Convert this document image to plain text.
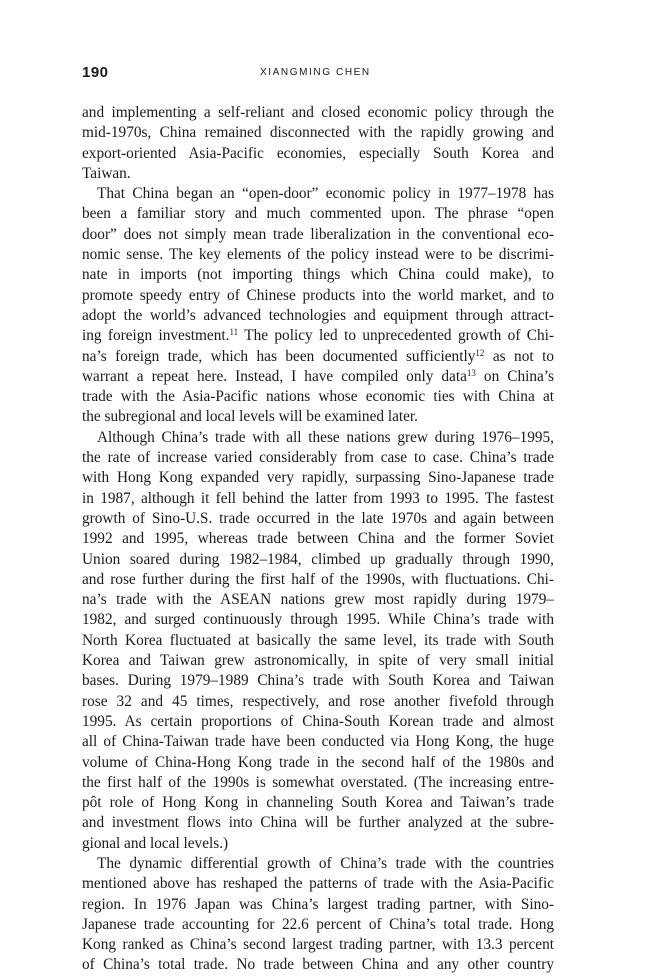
190	XIANGMING CHEN
and implementing a self-reliant and closed economic policy through the
mid-1970s, China remained disconnected with the rapidly growing and
export-oriented Asia-Pacific economies, especially South Korea and
Taiwan.
That China began an “open-door” economic policy in 1977–1978 has
been a familiar story and much commented upon. The phrase “open
door” does not simply mean trade liberalization in the conventional eco-
nomic sense. The key elements of the policy instead were to be discrimi-
nate in imports (not importing things which China could make), to
promote speedy entry of Chinese products into the world market, and to
adopt the world’s advanced technologies and equipment through attract-
ing foreign investment.$^{11}$ The policy led to unprecedented growth of Chi-
na’s foreign trade, which has been documented sufficiently$^{12}$ as not to
warrant a repeat here. Instead, I have compiled only data$^{13}$ on China’s
trade with the Asia-Pacific nations whose economic ties with China at
the subregional and local levels will be examined later.
Although China’s trade with all these nations grew during 1976–1995,
the rate of increase varied considerably from case to case. China’s trade
with Hong Kong expanded very rapidly, surpassing Sino-Japanese trade
in 1987, although it fell behind the latter from 1993 to 1995. The fastest
growth of Sino-U.S. trade occurred in the late 1970s and again between
1992 and 1995, whereas trade between China and the former Soviet
Union soared during 1982–1984, climbed up gradually through 1990,
and rose further during the first half of the 1990s, with fluctuations. Chi-
na’s trade with the ASEAN nations grew most rapidly during 1979–
1982, and surged continuously through 1995. While China’s trade with
North Korea fluctuated at basically the same level, its trade with South
Korea and Taiwan grew astronomically, in spite of very small initial
bases. During 1979–1989 China’s trade with South Korea and Taiwan
rose 32 and 45 times, respectively, and rose another fivefold through
1995. As certain proportions of China-South Korean trade and almost
all of China-Taiwan trade have been conducted via Hong Kong, the huge
volume of China-Hong Kong trade in the second half of the 1980s and
the first half of the 1990s is somewhat overstated. (The increasing entre-
pôt role of Hong Kong in channeling South Korea and Taiwan’s trade
and investment flows into China will be further analyzed at the subre-
gional and local levels.)
The dynamic differential growth of China’s trade with the countries
mentioned above has reshaped the patterns of trade with the Asia-Pacific
region. In 1976 Japan was China’s largest trading partner, with Sino-
Japanese trade accounting for 22.6 percent of China’s total trade. Hong
Kong ranked as China’s second largest trading partner, with 13.3 percent
of China’s total trade. No trade between China and any other country
